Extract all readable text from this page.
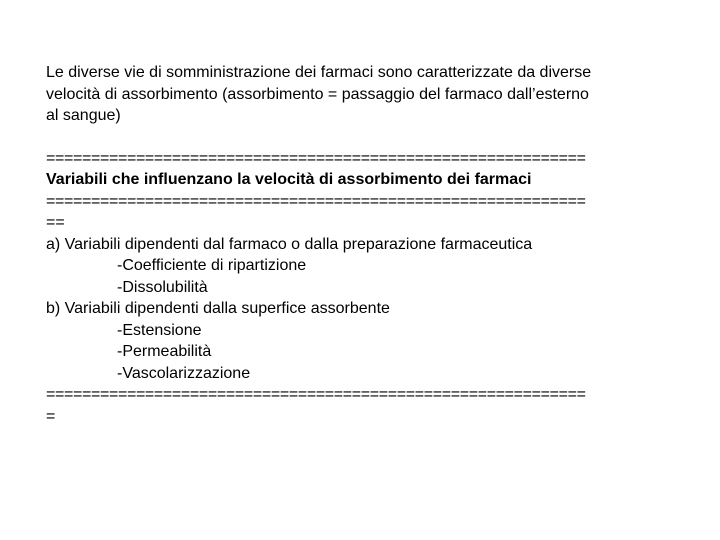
Le diverse vie di somministrazione dei farmaci sono caratterizzate da diverse
velocità di assorbimento (assorbimento = passaggio del farmaco dall’esterno
al sangue)
============================================================
Variabili che influenzano la velocità di assorbimento dei farmaci
============================================================
==
a) Variabili dipendenti dal farmaco o dalla preparazione farmaceutica
-Coefficiente di ripartizione
-Dissolubilità
b) Variabili dipendenti dalla superfice assorbente
-Estensione
-Permeabilità
-Vascolarizzazione
============================================================
=
